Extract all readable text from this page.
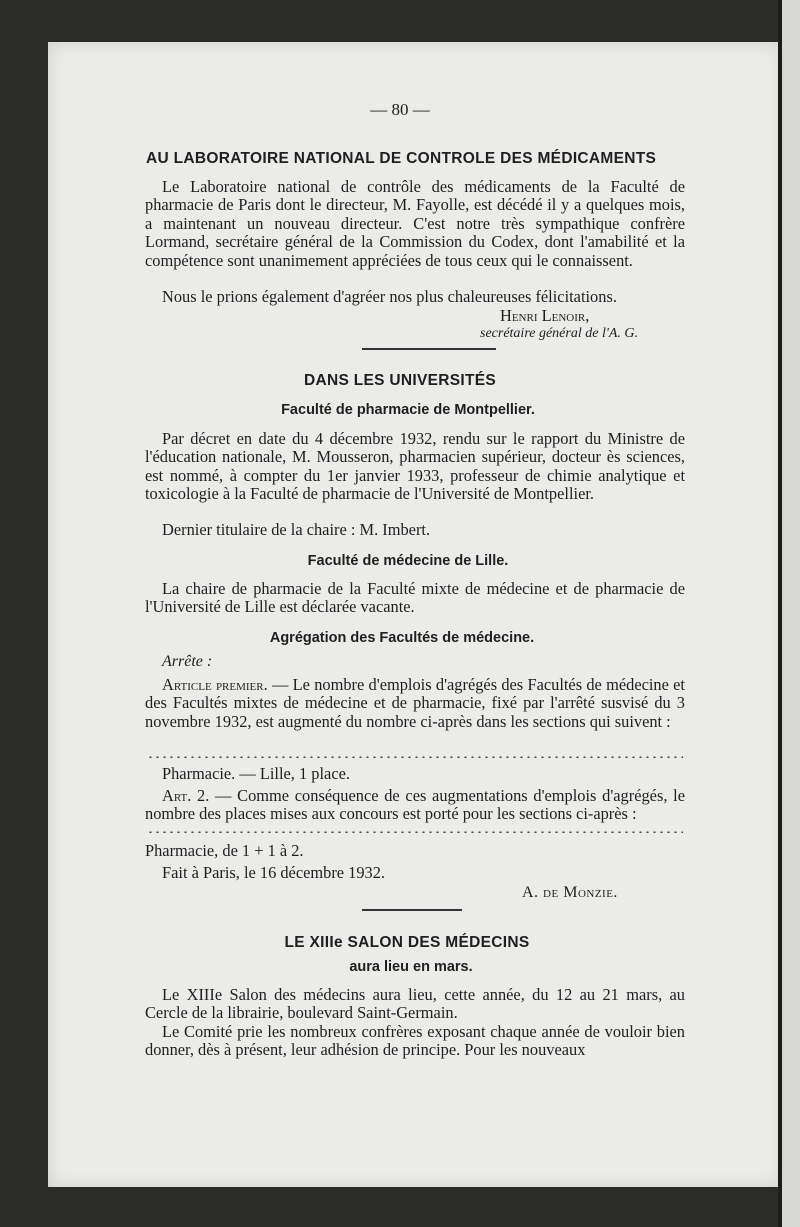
— 80 —
AU LABORATOIRE NATIONAL DE CONTROLE DES MÉDICAMENTS

Le Laboratoire national de contrôle des médicaments de la Faculté de pharmacie de Paris dont le directeur, M. Fayolle, est décédé il y a quelques mois, a maintenant un nouveau directeur. C'est notre très sympathique confrère Lormand, secrétaire général de la Commission du Codex, dont l'amabilité et la compétence sont unanimement appréciées de tous ceux qui le connaissent.

Nous le prions également d'agréer nos plus chaleureuses félicitations.

Henri Lenoir,
secrétaire général de l'A. G.
DANS LES UNIVERSITÉS
Faculté de pharmacie de Montpellier.

Par décret en date du 4 décembre 1932, rendu sur le rapport du Ministre de l'éducation nationale, M. Mousseron, pharmacien supérieur, docteur ès sciences, est nommé, à compter du 1er janvier 1933, professeur de chimie analytique et toxicologie à la Faculté de pharmacie de l'Université de Montpellier.

Dernier titulaire de la chaire : M. Imbert.

Faculté de médecine de Lille.

La chaire de pharmacie de la Faculté mixte de médecine et de pharmacie de l'Université de Lille est déclarée vacante.

Agrégation des Facultés de médecine.
Arrête :

Article premier. — Le nombre d'emplois d'agrégés des Facultés de médecine et des Facultés mixtes de médecine et de pharmacie, fixé par l'arrêté susvisé du 3 novembre 1932, est augmenté du nombre ci-après dans les sections qui suivent :

Pharmacie. — Lille, 1 place.

Art. 2. — Comme conséquence de ces augmentations d'emplois d'agrégés, le nombre des places mises aux concours est porté pour les sections ci-après :

Pharmacie, de 1 + 1 à 2.

Fait à Paris, le 16 décembre 1932.

A. de Monzie.
LE XIIIe SALON DES MÉDECINS
aura lieu en mars.

Le XIIIe Salon des médecins aura lieu, cette année, du 12 au 21 mars, au Cercle de la librairie, boulevard Saint-Germain.

Le Comité prie les nombreux confrères exposant chaque année de vouloir bien donner, dès à présent, leur adhésion de principe. Pour les nouveaux
